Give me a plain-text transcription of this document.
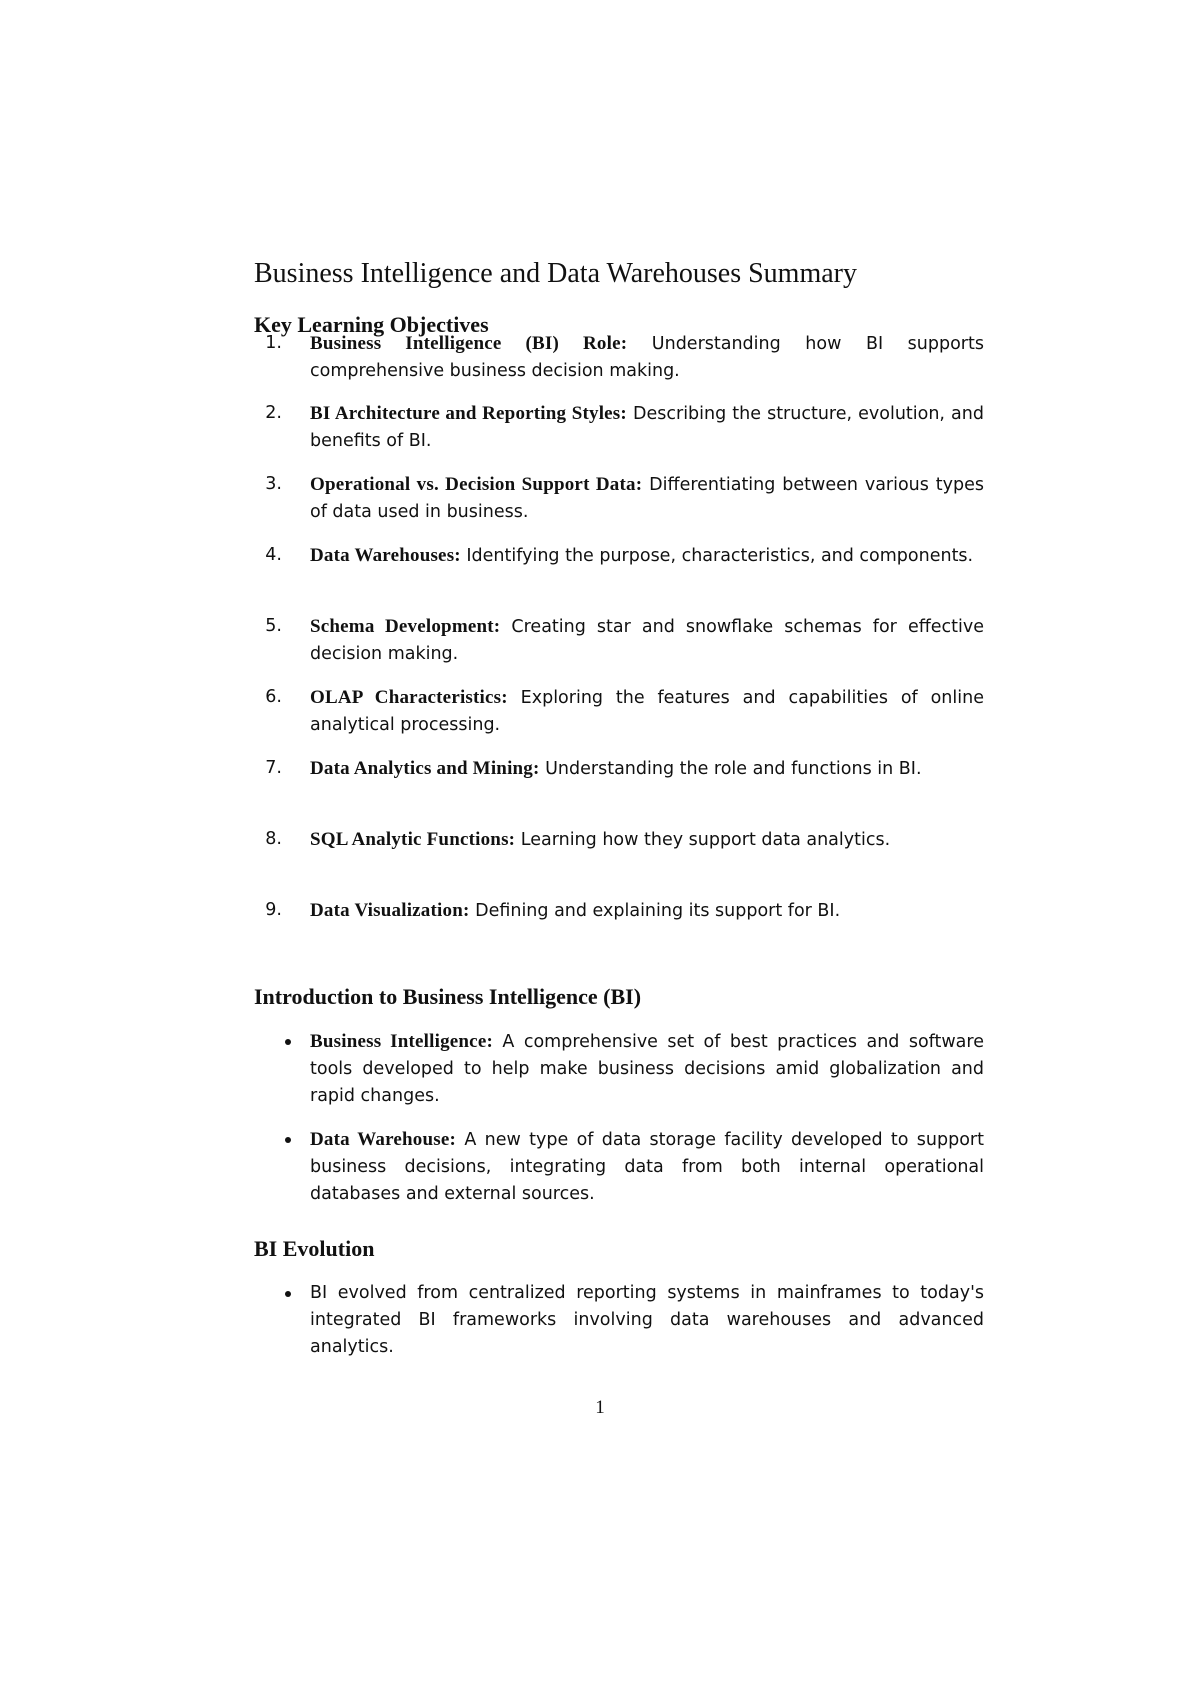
Business Intelligence and Data Warehouses Summary
Key Learning Objectives
1. Business Intelligence (BI) Role: Understanding how BI supports comprehensive business decision making.
2. BI Architecture and Reporting Styles: Describing the structure, evolution, and benefits of BI.
3. Operational vs. Decision Support Data: Differentiating between various types of data used in business.
4. Data Warehouses: Identifying the purpose, characteristics, and components.
5. Schema Development: Creating star and snowflake schemas for effective decision making.
6. OLAP Characteristics: Exploring the features and capabilities of online analytical processing.
7. Data Analytics and Mining: Understanding the role and functions in BI.
8. SQL Analytic Functions: Learning how they support data analytics.
9. Data Visualization: Defining and explaining its support for BI.
Introduction to Business Intelligence (BI)
Business Intelligence: A comprehensive set of best practices and software tools developed to help make business decisions amid globalization and rapid changes.
Data Warehouse: A new type of data storage facility developed to support business decisions, integrating data from both internal operational databases and external sources.
BI Evolution
BI evolved from centralized reporting systems in mainframes to today's integrated BI frameworks involving data warehouses and advanced analytics.
1
